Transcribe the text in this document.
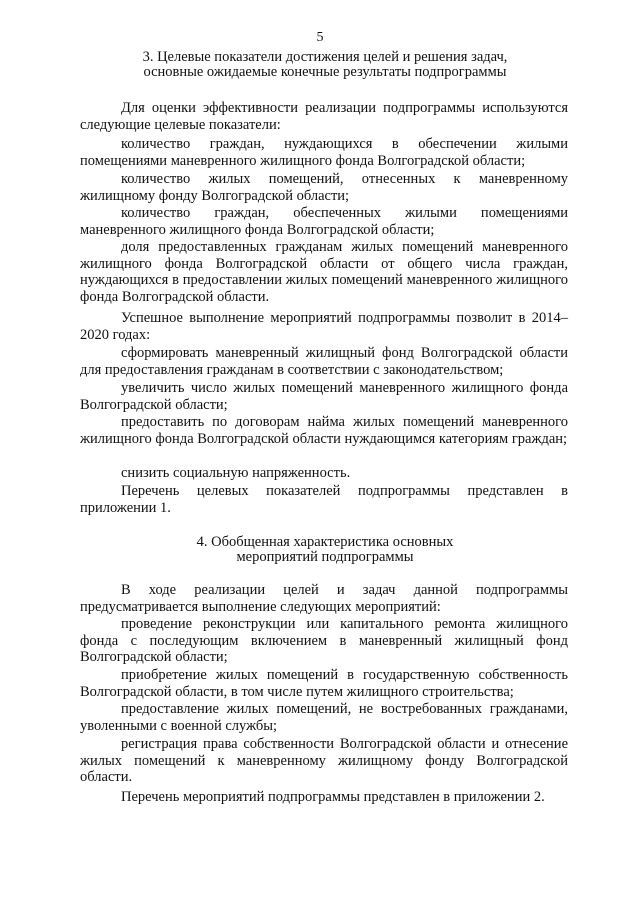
5
3. Целевые показатели достижения целей и решения задач,
основные ожидаемые конечные результаты подпрограммы

Для оценки эффективности реализации подпрограммы используются следующие целевые показатели:

количество граждан, нуждающихся в обеспечении жилыми помещениями маневренного жилищного фонда Волгоградской области;

количество жилых помещений, отнесенных к маневренному жилищному фонду Волгоградской области;

количество граждан, обеспеченных жилыми помещениями маневренного жилищного фонда Волгоградской области;

доля предоставленных гражданам жилых помещений маневренного жилищного фонда Волгоградской области от общего числа граждан, нуждающихся в предоставлении жилых помещений маневренного жилищного фонда Волгоградской области.

Успешное выполнение мероприятий подпрограммы позволит в 2014–2020 годах:

сформировать маневренный жилищный фонд Волгоградской области для предоставления гражданам в соответствии с законодательством;

увеличить число жилых помещений маневренного жилищного фонда Волгоградской области;

предоставить по договорам найма жилых помещений маневренного жилищного фонда Волгоградской области нуждающимся категориям граждан;

снизить социальную напряженность.

Перечень целевых показателей подпрограммы представлен в приложении 1.

4. Обобщенная характеристика основных
мероприятий подпрограммы

В ходе реализации целей и задач данной подпрограммы предусматривается выполнение следующих мероприятий:

проведение реконструкции или капитального ремонта жилищного фонда с последующим включением в маневренный жилищный фонд Волгоградской области;

приобретение жилых помещений в государственную собственность Волгоградской области, в том числе путем жилищного строительства;

предоставление жилых помещений, не востребованных гражданами, уволенными с военной службы;

регистрация права собственности Волгоградской области и отнесение жилых помещений к маневренному жилищному фонду Волгоградской области.

Перечень мероприятий подпрограммы представлен в приложении 2.
